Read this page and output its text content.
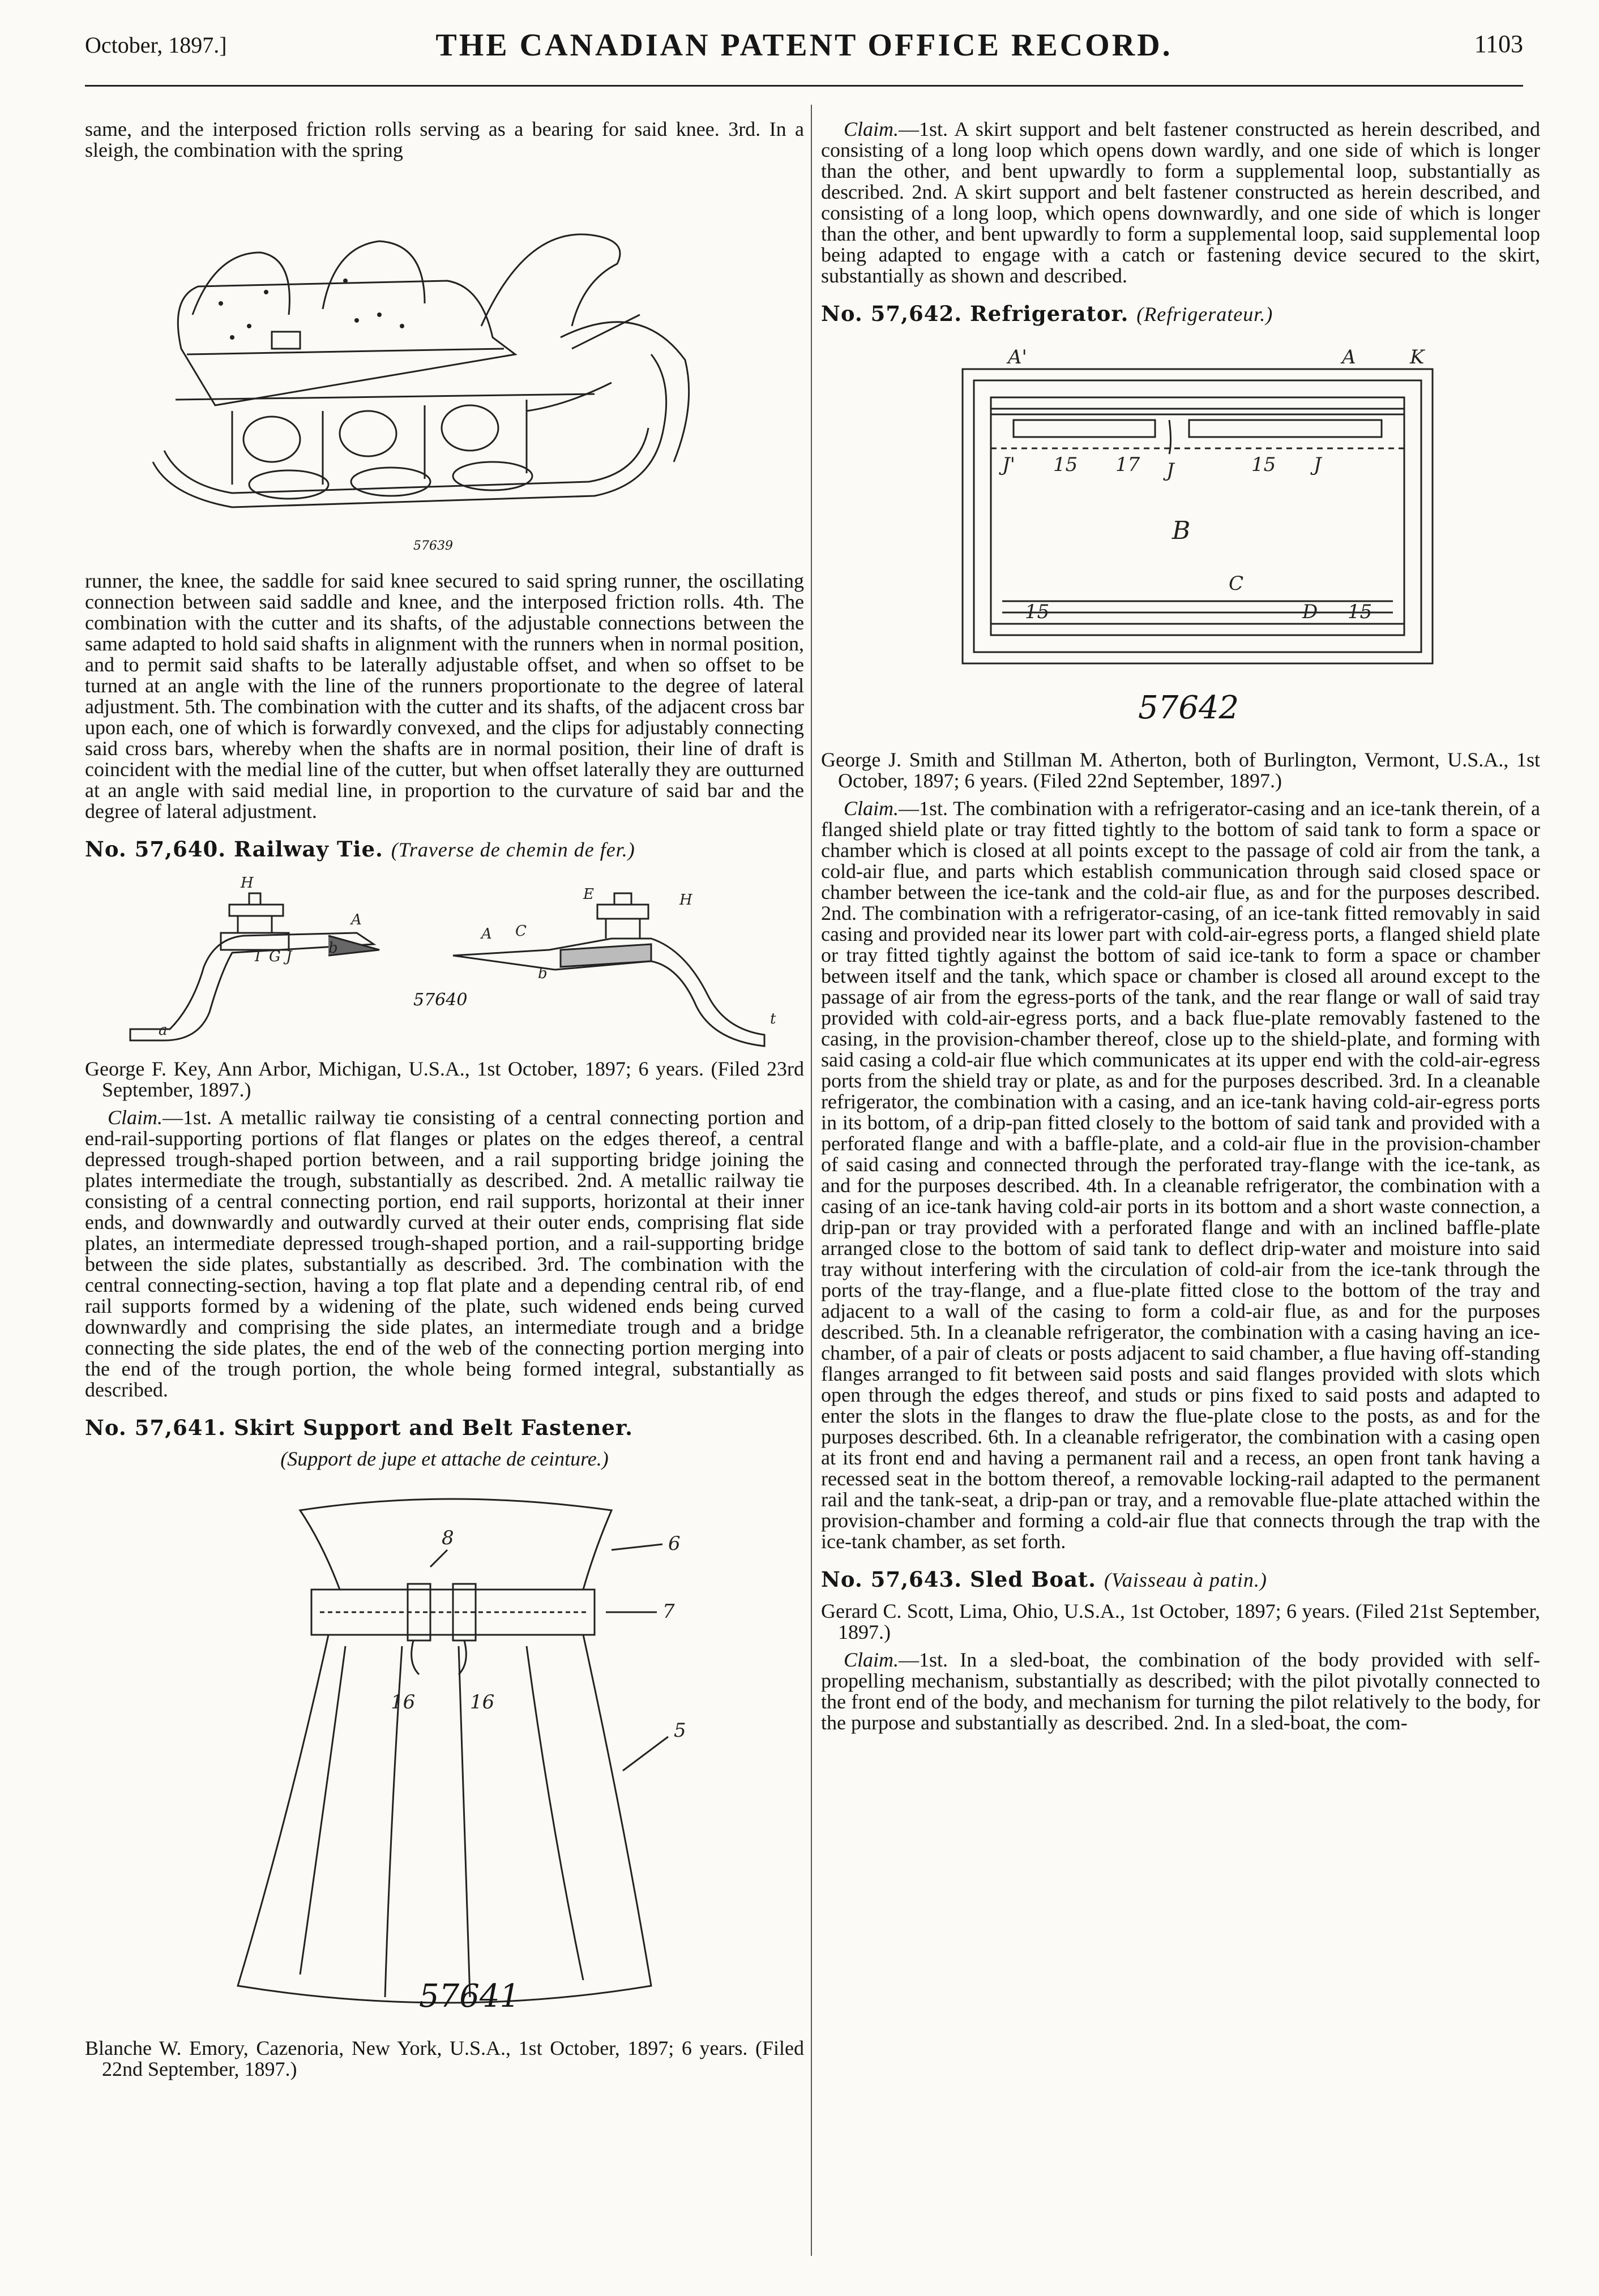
October, 1897.]	THE CANADIAN PATENT OFFICE RECORD.	1103

same, and the interposed friction rolls serving as a bearing for said knee. 3rd. In a sleigh, the combination with the spring

57639

runner, the knee, the saddle for said knee secured to said spring runner, the oscillating connection between said saddle and knee, and the interposed friction rolls. 4th. The combination with the cutter and its shafts, of the adjustable connections between the same adapted to hold said shafts in alignment with the runners when in normal position, and to permit said shafts to be laterally adjustable offset, and when so offset to be turned at an angle with the line of the runners proportionate to the degree of lateral adjustment. 5th. The combination with the cutter and its shafts, of the adjacent cross bar upon each, one of which is forwardly convexed, and the clips for adjustably connecting said cross bars, whereby when the shafts are in normal position, their line of draft is coincident with the medial line of the cutter, but when offset laterally they are outturned at an angle with said medial line, in proportion to the curvature of said bar and the degree of lateral adjustment.

No. 57,640. Railway Tie. (Traverse de chemin de fer.)

H
a
I G J b
A
A C
E	H
b
t
57640

George F. Key, Ann Arbor, Michigan, U.S.A., 1st October, 1897; 6 years. (Filed 23rd September, 1897.)

Claim.—1st. A metallic railway tie consisting of a central connecting portion and end-rail-supporting portions of flat flanges or plates on the edges thereof, a central depressed trough-shaped portion between, and a rail supporting bridge joining the plates intermediate the trough, substantially as described. 2nd. A metallic railway tie consisting of a central connecting portion, end rail supports, horizontal at their inner ends, and downwardly and outwardly curved at their outer ends, comprising flat side plates, an intermediate depressed trough-shaped portion, and a rail-supporting bridge between the side plates, substantially as described. 3rd. The combination with the central connecting-section, having a top flat plate and a depending central rib, of end rail supports formed by a widening of the plate, such widened ends being curved downwardly and comprising the side plates, an intermediate trough and a bridge connecting the side plates, the end of the web of the connecting portion merging into the end of the trough portion, the whole being formed integral, substantially as described.

No. 57,641. Skirt Support and Belt Fastener.

(Support de jupe et attache de ceinture.)

6
7
5
8
16	16
57641

Blanche W. Emory, Cazenoria, New York, U.S.A., 1st October, 1897; 6 years. (Filed 22nd September, 1897.)

Claim.—1st. A skirt support and belt fastener constructed as herein described, and consisting of a long loop which opens down wardly, and one side of which is longer than the other, and bent upwardly to form a supplemental loop, substantially as described. 2nd. A skirt support and belt fastener constructed as herein described, and consisting of a long loop, which opens downwardly, and one side of which is longer than the other, and bent upwardly to form a supplemental loop, said supplemental loop being adapted to engage with a catch or fastening device secured to the skirt, substantially as shown and described.

No. 57,642. Refrigerator. (Refrigerateur.)

A'	A	K
J' 15 17 J	15 J
B
C
15	D 15
57642

George J. Smith and Stillman M. Atherton, both of Burlington, Vermont, U.S.A., 1st October, 1897; 6 years. (Filed 22nd September, 1897.)

Claim.—1st. The combination with a refrigerator-casing and an ice-tank therein, of a flanged shield plate or tray fitted tightly to the bottom of said tank to form a space or chamber which is closed at all points except to the passage of cold air from the tank, a cold-air flue, and parts which establish communication through said closed space or chamber between the ice-tank and the cold-air flue, as and for the purposes described. 2nd. The combination with a refrigerator-casing, of an ice-tank fitted removably in said casing and provided near its lower part with cold-air-egress ports, a flanged shield plate or tray fitted tightly against the bottom of said ice-tank to form a space or chamber between itself and the tank, which space or chamber is closed all around except to the passage of air from the egress-ports of the tank, and the rear flange or wall of said tray provided with cold-air-egress ports, and a back flue-plate removably fastened to the casing, in the provision-chamber thereof, close up to the shield-plate, and forming with said casing a cold-air flue which communicates at its upper end with the cold-air-egress ports from the shield tray or plate, as and for the purposes described. 3rd. In a cleanable refrigerator, the combination with a casing, and an ice-tank having cold-air-egress ports in its bottom, of a drip-pan fitted closely to the bottom of said tank and provided with a perforated flange and with a baffle-plate, and a cold-air flue in the provision-chamber of said casing and connected through the perforated tray-flange with the ice-tank, as and for the purposes described. 4th. In a cleanable refrigerator, the combination with a casing of an ice-tank having cold-air ports in its bottom and a short waste connection, a drip-pan or tray provided with a perforated flange and with an inclined baffle-plate arranged close to the bottom of said tank to deflect drip-water and moisture into said tray without interfering with the circulation of cold-air from the ice-tank through the ports of the tray-flange, and a flue-plate fitted close to the bottom of the tray and adjacent to a wall of the casing to form a cold-air flue, as and for the purposes described. 5th. In a cleanable refrigerator, the combination with a casing having an ice-chamber, of a pair of cleats or posts adjacent to said chamber, a flue having off-standing flanges arranged to fit between said posts and said flanges provided with slots which open through the edges thereof, and studs or pins fixed to said posts and adapted to enter the slots in the flanges to draw the flue-plate close to the posts, as and for the purposes described. 6th. In a cleanable refrigerator, the combination with a casing open at its front end and having a permanent rail and a recess, an open front tank having a recessed seat in the bottom thereof, a removable locking-rail adapted to the permanent rail and the tank-seat, a drip-pan or tray, and a removable flue-plate attached within the provision-chamber and forming a cold-air flue that connects through the trap with the ice-tank chamber, as set forth.

No. 57,643. Sled Boat. (Vaisseau à patin.)

Gerard C. Scott, Lima, Ohio, U.S.A., 1st October, 1897; 6 years. (Filed 21st September, 1897.)

Claim.—1st. In a sled-boat, the combination of the body provided with self-propelling mechanism, substantially as described; with the pilot pivotally connected to the front end of the body, and mechanism for turning the pilot relatively to the body, for the purpose and substantially as described. 2nd. In a sled-boat, the com-
